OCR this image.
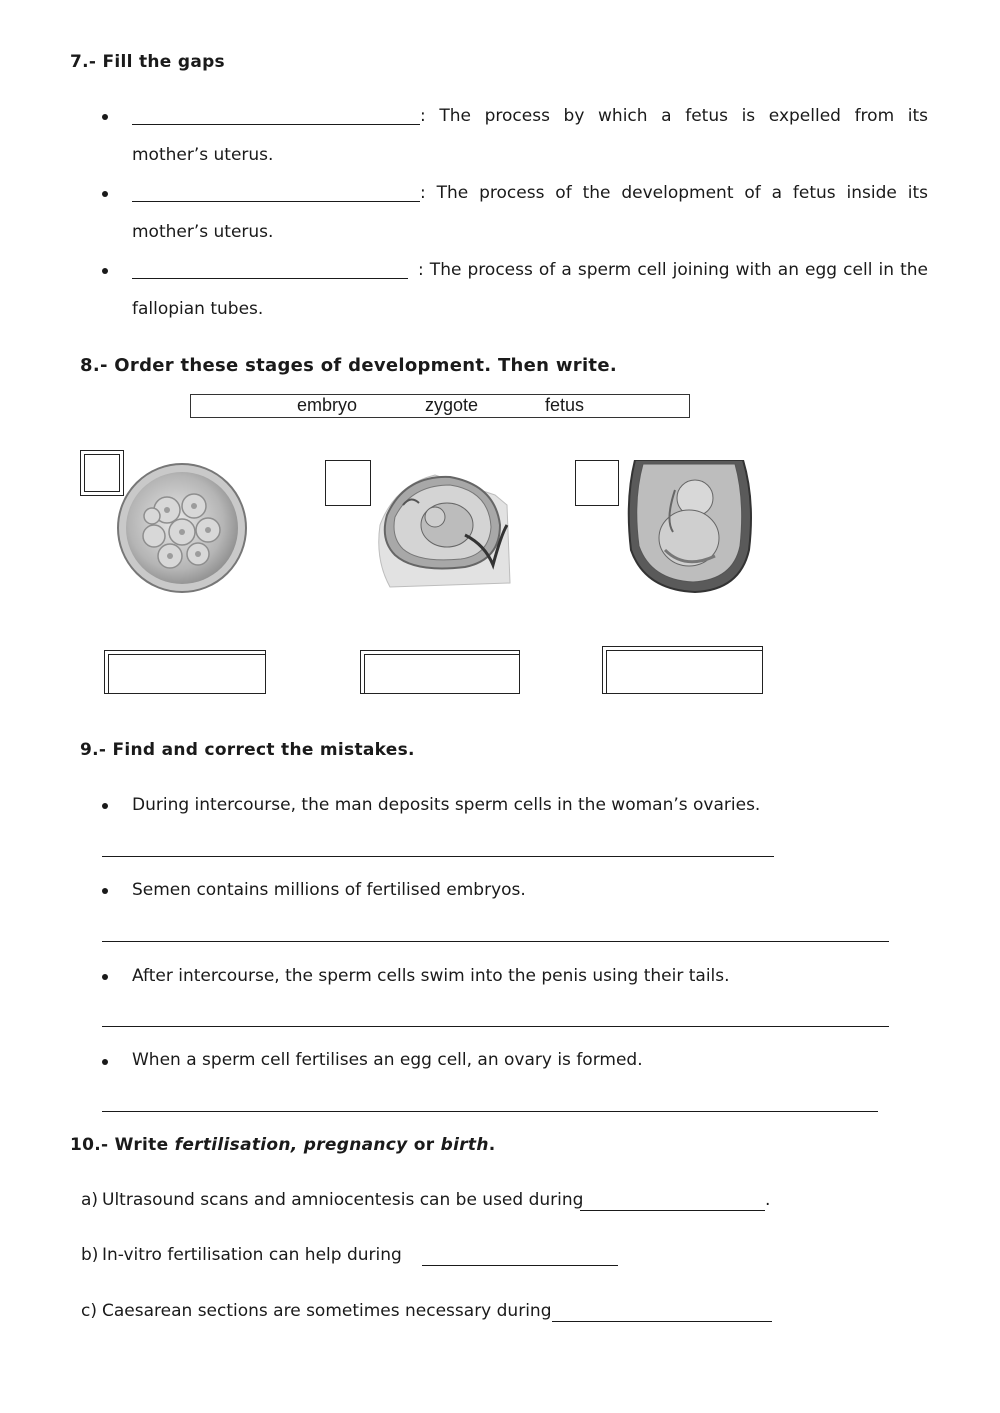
7.- Fill the gaps
: The process by which a fetus is expelled from its
mother’s uterus.
: The process of the development of a fetus inside its
mother’s uterus.
: The process of a sperm cell joining with an egg cell in the
fallopian tubes.
8.- Order these stages of development. Then write.
embryo	zygote	fetus
9.- Find and correct the mistakes.
During intercourse, the man deposits sperm cells in the woman’s ovaries.
Semen contains millions of fertilised embryos.
After intercourse, the sperm cells swim into the penis using their tails.
When a sperm cell fertilises an egg cell, an ovary is formed.
10.- Write fertilisation, pregnancy or birth.
a) Ultrasound scans and amniocentesis can be used during	.
b) In-vitro fertilisation can help during
c) Caesarean sections are sometimes necessary during
